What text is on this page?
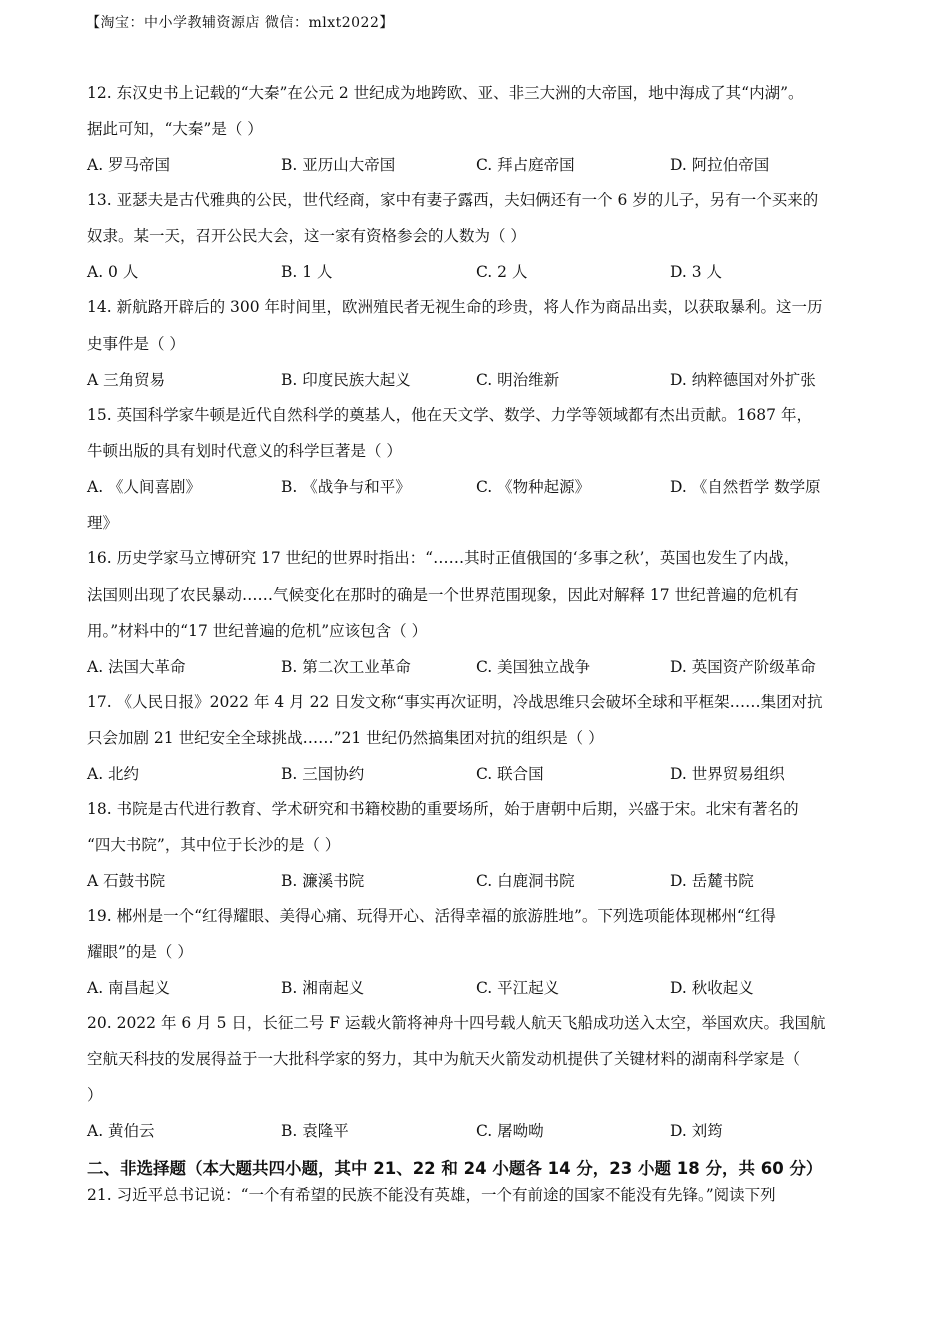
【淘宝：中小学教辅资源店 微信：mlxt2022】
12. 东汉史书上记载的“大秦”在公元 2 世纪成为地跨欧、亚、非三大洲的大帝国，地中海成了其“内湖”。
据此可知，“大秦”是（ ）
A. 罗马帝国	B. 亚历山大帝国	C. 拜占庭帝国	D. 阿拉伯帝国
13. 亚瑟夫是古代雅典的公民，世代经商，家中有妻子露西，夫妇俩还有一个 6 岁的儿子，另有一个买来的
奴隶。某一天，召开公民大会，这一家有资格参会的人数为（ ）
A. 0 人	B. 1 人	C. 2 人	D. 3 人
14. 新航路开辟后的 300 年时间里，欧洲殖民者无视生命的珍贵，将人作为商品出卖，以获取暴利。这一历
史事件是（ ）
A 三角贸易	B. 印度民族大起义	C. 明治维新	D. 纳粹德国对外扩张
15. 英国科学家牛顿是近代自然科学的奠基人，他在天文学、数学、力学等领域都有杰出贡献。1687 年，
牛顿出版的具有划时代意义的科学巨著是（ ）
A. 《人间喜剧》	B. 《战争与和平》	C. 《物种起源》	D. 《自然哲学 数学原
理》
16. 历史学家马立博研究 17 世纪的世界时指出：“……其时正值俄国的‘多事之秋’，英国也发生了内战，
法国则出现了农民暴动……气候变化在那时的确是一个世界范围现象，因此对解释 17 世纪普遍的危机有
用。”材料中的“17 世纪普遍的危机”应该包含（ ）
A. 法国大革命	B. 第二次工业革命	C. 美国独立战争	D. 英国资产阶级革命
17. 《人民日报》2022 年 4 月 22 日发文称“事实再次证明，冷战思维只会破坏全球和平框架……集团对抗
只会加剧 21 世纪安全全球挑战……”21 世纪仍然搞集团对抗的组织是（ ）
A. 北约	B. 三国协约	C. 联合国	D. 世界贸易组织
18. 书院是古代进行教育、学术研究和书籍校勘的重要场所，始于唐朝中后期，兴盛于宋。北宋有著名的
“四大书院”，其中位于长沙的是（ ）
A 石鼓书院	B. 濂溪书院	C. 白鹿洞书院	D. 岳麓书院
19. 郴州是一个“红得耀眼、美得心痛、玩得开心、活得幸福的旅游胜地”。下列选项能体现郴州“红得
耀眼”的是（ ）
A. 南昌起义	B. 湘南起义	C. 平江起义	D. 秋收起义
20. 2022 年 6 月 5 日，长征二号 F 运载火箭将神舟十四号载人航天飞船成功送入太空，举国欢庆。我国航
空航天科技的发展得益于一大批科学家的努力，其中为航天火箭发动机提供了关键材料的湖南科学家是（
）
A. 黄伯云	B. 袁隆平	C. 屠呦呦	D. 刘筠
二、非选择题（本大题共四小题，其中 21、22 和 24 小题各 14 分，23 小题 18 分，共 60 分）
21. 习近平总书记说：“一个有希望的民族不能没有英雄，一个有前途的国家不能没有先锋。”阅读下列
